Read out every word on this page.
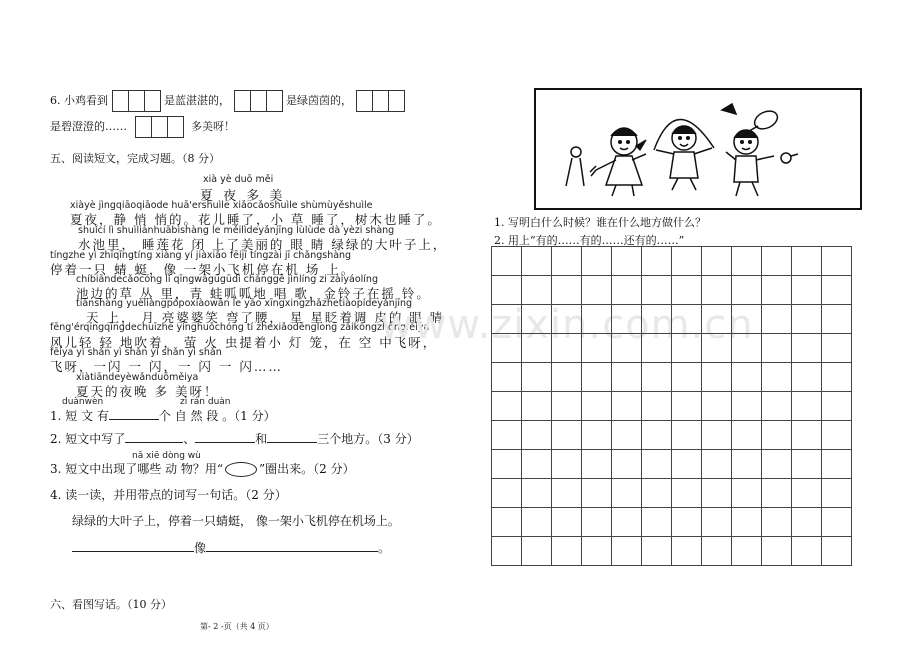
6. 小鸡看到	是蓝湛湛的，	是绿茵茵的，
是碧澄澄的……	多美呀！
五、阅读短文，完成习题。（8 分）
xià yè duō měi
夏 夜 多 美
xiàyè jìngqiāoqiāode huā'ershuìle xiǎocǎoshuìle shùmùyěshuìle
夏夜，静 悄 悄的。花儿睡了，小 草 睡了，树木也睡了。
shuǐcí lì shuìliánhuābìshàng le měilìdeyǎnjīng lùlùde dà yèzi shàng
水池里， 睡莲花 闭 上了美丽的 眼 睛 绿绿的大叶子上，
tíngzhe yì zhīqīngtíng xiàng yí jiàxiǎo fēijī tíngzài jī chǎngshàng
停着一只 蜻 蜓，像 一架小飞机停在机 场 上。
chíbiāndecǎocóng lǐ qīngwāgūgūdì chànggē jìnlíng zi zàiyáolíng
池边的草 丛 里，青 蛙呱呱地 唱 歌，金铃子在摇 铃。
tiānshàng yuèliàngpópoxiàowān le yāo xīngxingzhǎzhetiàopídeyǎnjīng
天 上， 月 亮婆婆笑 弯了腰， 星 星眨着调 皮的 眼 睛
fēng'érqīngqīngdechuīzhe yínghuǒchóng tí zhexiǎodēnglong zàikōngzhōngfēiya
风儿轻 轻 地吹着， 萤 火 虫提着小 灯 笼，在 空 中飞呀，
fēiya yì shǎn yì shǎn yì shǎn yì shǎn
飞呀，一闪 一 闪，一 闪 一 闪……
xiàtiāndeyèwǎnduōměiya
夏天的夜晚 多 美呀！
duànwèn	zì rán duàn
1. 短 文 有	个 自 然 段 。（1 分）
2. 短文中写了	、	和	三个地方。（3 分）
nǎ xiē dòng wù
3. 短文中出现了哪些 动 物？用“	”圈出来。（2 分）
4. 读一读，并用带点的词写一句话。（2 分）
绿绿的大叶子上，停着一只蜻蜓， 像一架小飞机停在机场上。
像	。
六、看图写话。（10 分）
第- 2 -页（共 4 页）
www.zixin.com.cn
1. 写明白什么时候？谁在什么地方做什么？
2. 用上“有的……有的……还有的……”
